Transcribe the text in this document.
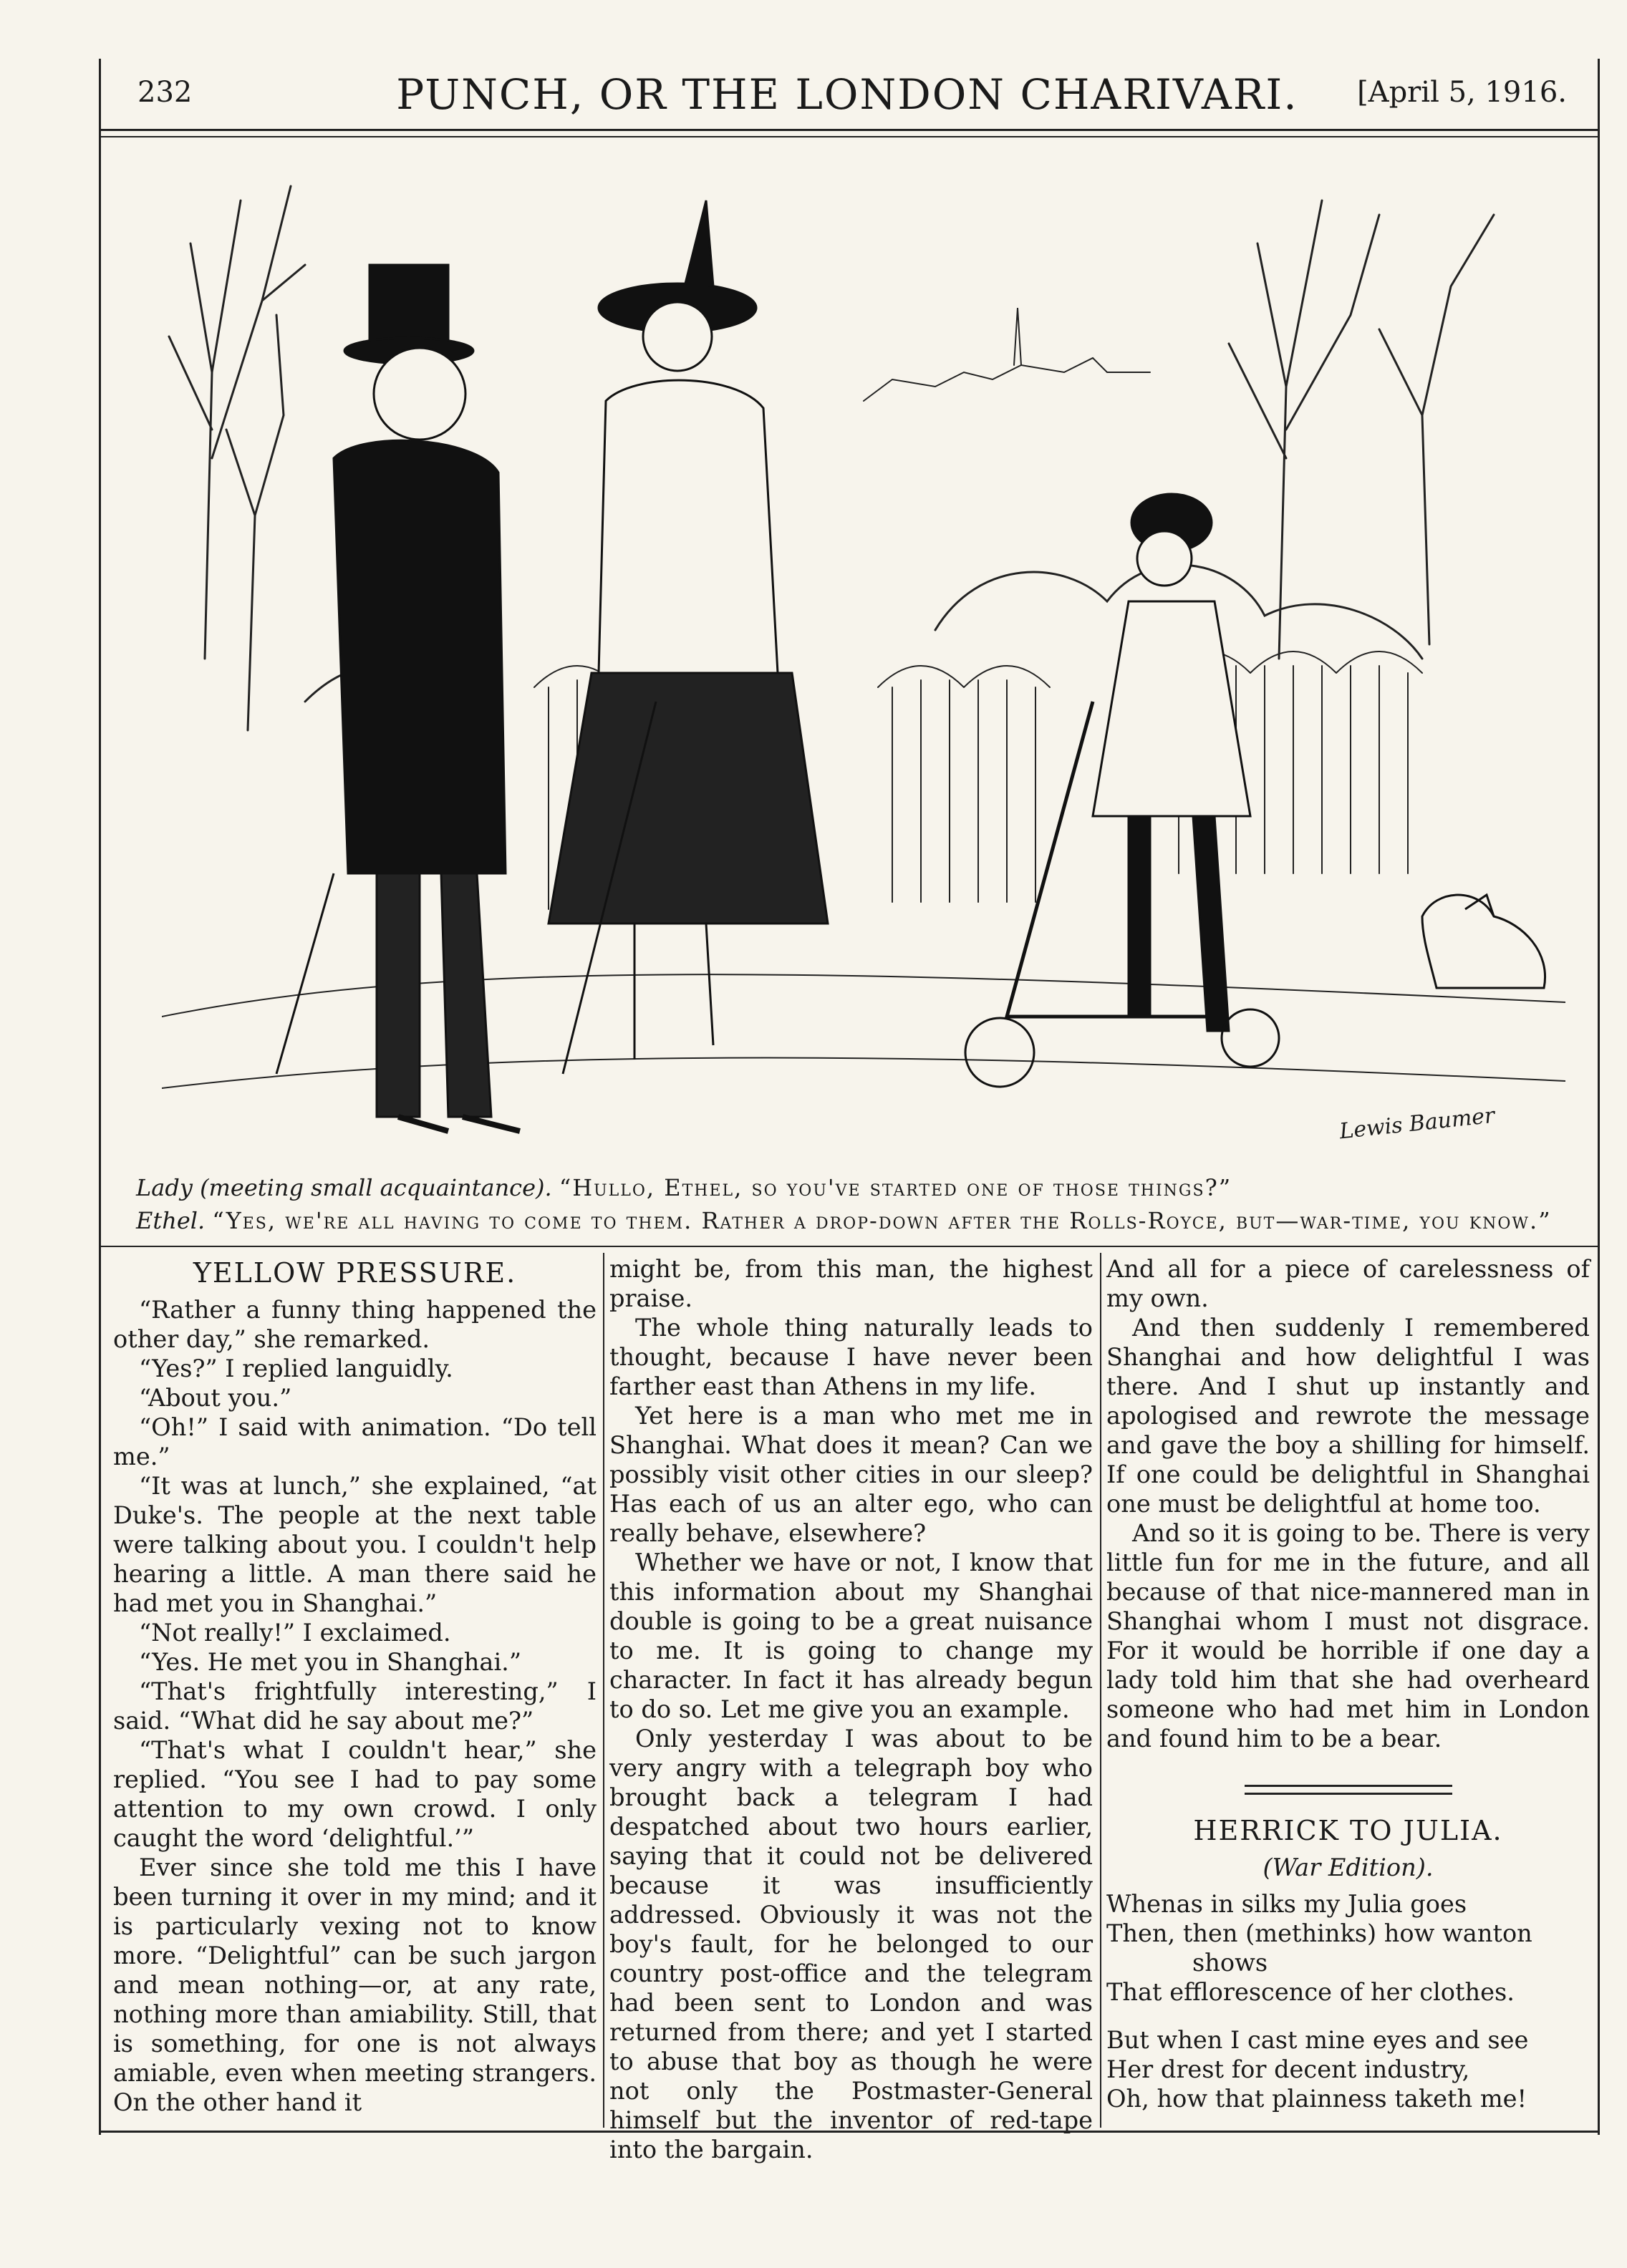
232	PUNCH, OR THE LONDON CHARIVARI.	[April 5, 1916.
Lewis Baumer
Lady (meeting small acquaintance). “Hullo, Ethel, so you've started one of those things?”
Ethel. “Yes, we're all having to come to them. Rather a drop-down after the Rolls-Royce, but—war-time, you know.”
YELLOW PRESSURE.

“Rather a funny thing happened the other day,” she remarked.

“Yes?” I replied languidly.

“About you.”

“Oh!” I said with animation. “Do tell me.”

“It was at lunch,” she explained, “at Duke's. The people at the next table were talking about you. I couldn't help hearing a little. A man there said he had met you in Shanghai.”

“Not really!” I exclaimed.

“Yes. He met you in Shanghai.”

“That's frightfully interesting,” I said. “What did he say about me?”

“That's what I couldn't hear,” she replied. “You see I had to pay some attention to my own crowd. I only caught the word ‘delightful.’”

Ever since she told me this I have been turning it over in my mind; and it is particularly vexing not to know more. “Delightful” can be such jargon and mean nothing—or, at any rate, nothing more than amiability. Still, that is something, for one is not always amiable, even when meeting strangers. On the other hand it

might be, from this man, the highest praise.

The whole thing naturally leads to thought, because I have never been farther east than Athens in my life.

Yet here is a man who met me in Shanghai. What does it mean? Can we possibly visit other cities in our sleep? Has each of us an alter ego, who can really behave, elsewhere?

Whether we have or not, I know that this information about my Shanghai double is going to be a great nuisance to me. It is going to change my character. In fact it has already begun to do so. Let me give you an example.

Only yesterday I was about to be very angry with a telegraph boy who brought back a telegram I had despatched about two hours earlier, saying that it could not be delivered because it was insufficiently addressed. Obviously it was not the boy's fault, for he belonged to our country post-office and the telegram had been sent to London and was returned from there; and yet I started to abuse that boy as though he were not only the Postmaster-General himself but the inventor of red-tape into the bargain.

And all for a piece of carelessness of my own.

And then suddenly I remembered Shanghai and how delightful I was there. And I shut up instantly and apologised and rewrote the message and gave the boy a shilling for himself. If one could be delightful in Shanghai one must be delightful at home too.

And so it is going to be. There is very little fun for me in the future, and all because of that nice-mannered man in Shanghai whom I must not disgrace. For it would be horrible if one day a lady told him that she had overheard someone who had met him in London and found him to be a bear.

HERRICK TO JULIA.
(War Edition).
Whenas in silks my Julia goes
Then, then (methinks) how wanton
shows
That efflorescence of her clothes.
But when I cast mine eyes and see
Her drest for decent industry,
Oh, how that plainness taketh me!
